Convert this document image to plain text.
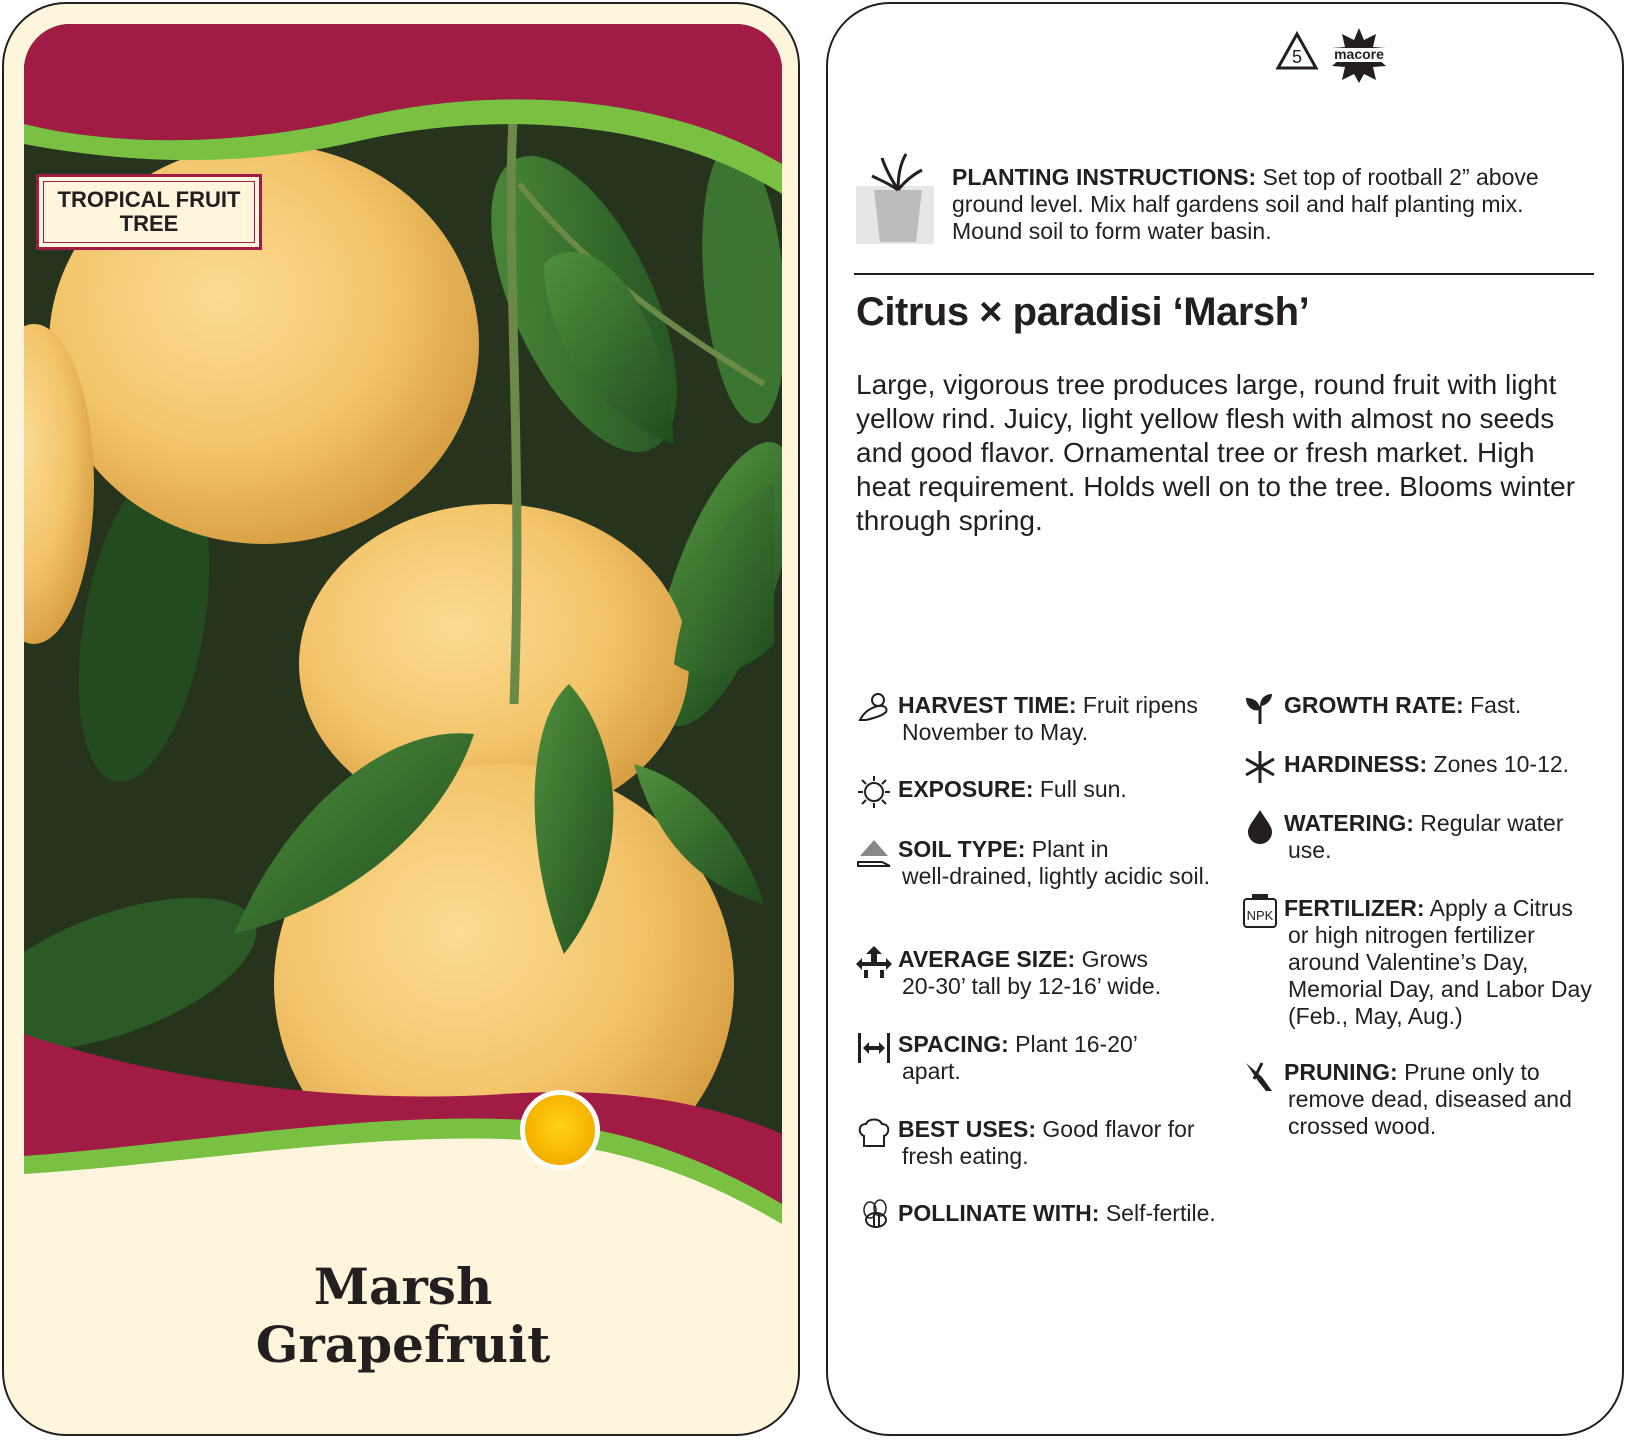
TROPICAL FRUIT TREE
Marsh
Grapefruit
5 macore
PLANTING INSTRUCTIONS: Set top of rootball 2” above ground level. Mix half gardens soil and half planting mix. Mound soil to form water basin.
Citrus × paradisi ‘Marsh’
Large, vigorous tree produces large, round fruit with light yellow rind. Juicy, light yellow flesh with almost no seeds and good flavor. Ornamental tree or fresh market. High heat requirement. Holds well on to the tree. Blooms winter through spring.
HARVEST TIME: Fruit ripens
November to May.
EXPOSURE: Full sun.
SOIL TYPE: Plant in
well-drained, lightly acidic soil.
AVERAGE SIZE: Grows
20-30’ tall by 12-16’ wide.
SPACING: Plant 16-20’
apart.
BEST USES: Good flavor for
fresh eating.
POLLINATE WITH: Self-fertile.
GROWTH RATE: Fast.
HARDINESS: Zones 10-12.
WATERING: Regular water
use.
NPK FERTILIZER: Apply a Citrus
or high nitrogen fertilizer around Valentine’s Day, Memorial Day, and Labor Day (Feb., May, Aug.)
PRUNING: Prune only to
remove dead, diseased and crossed wood.
